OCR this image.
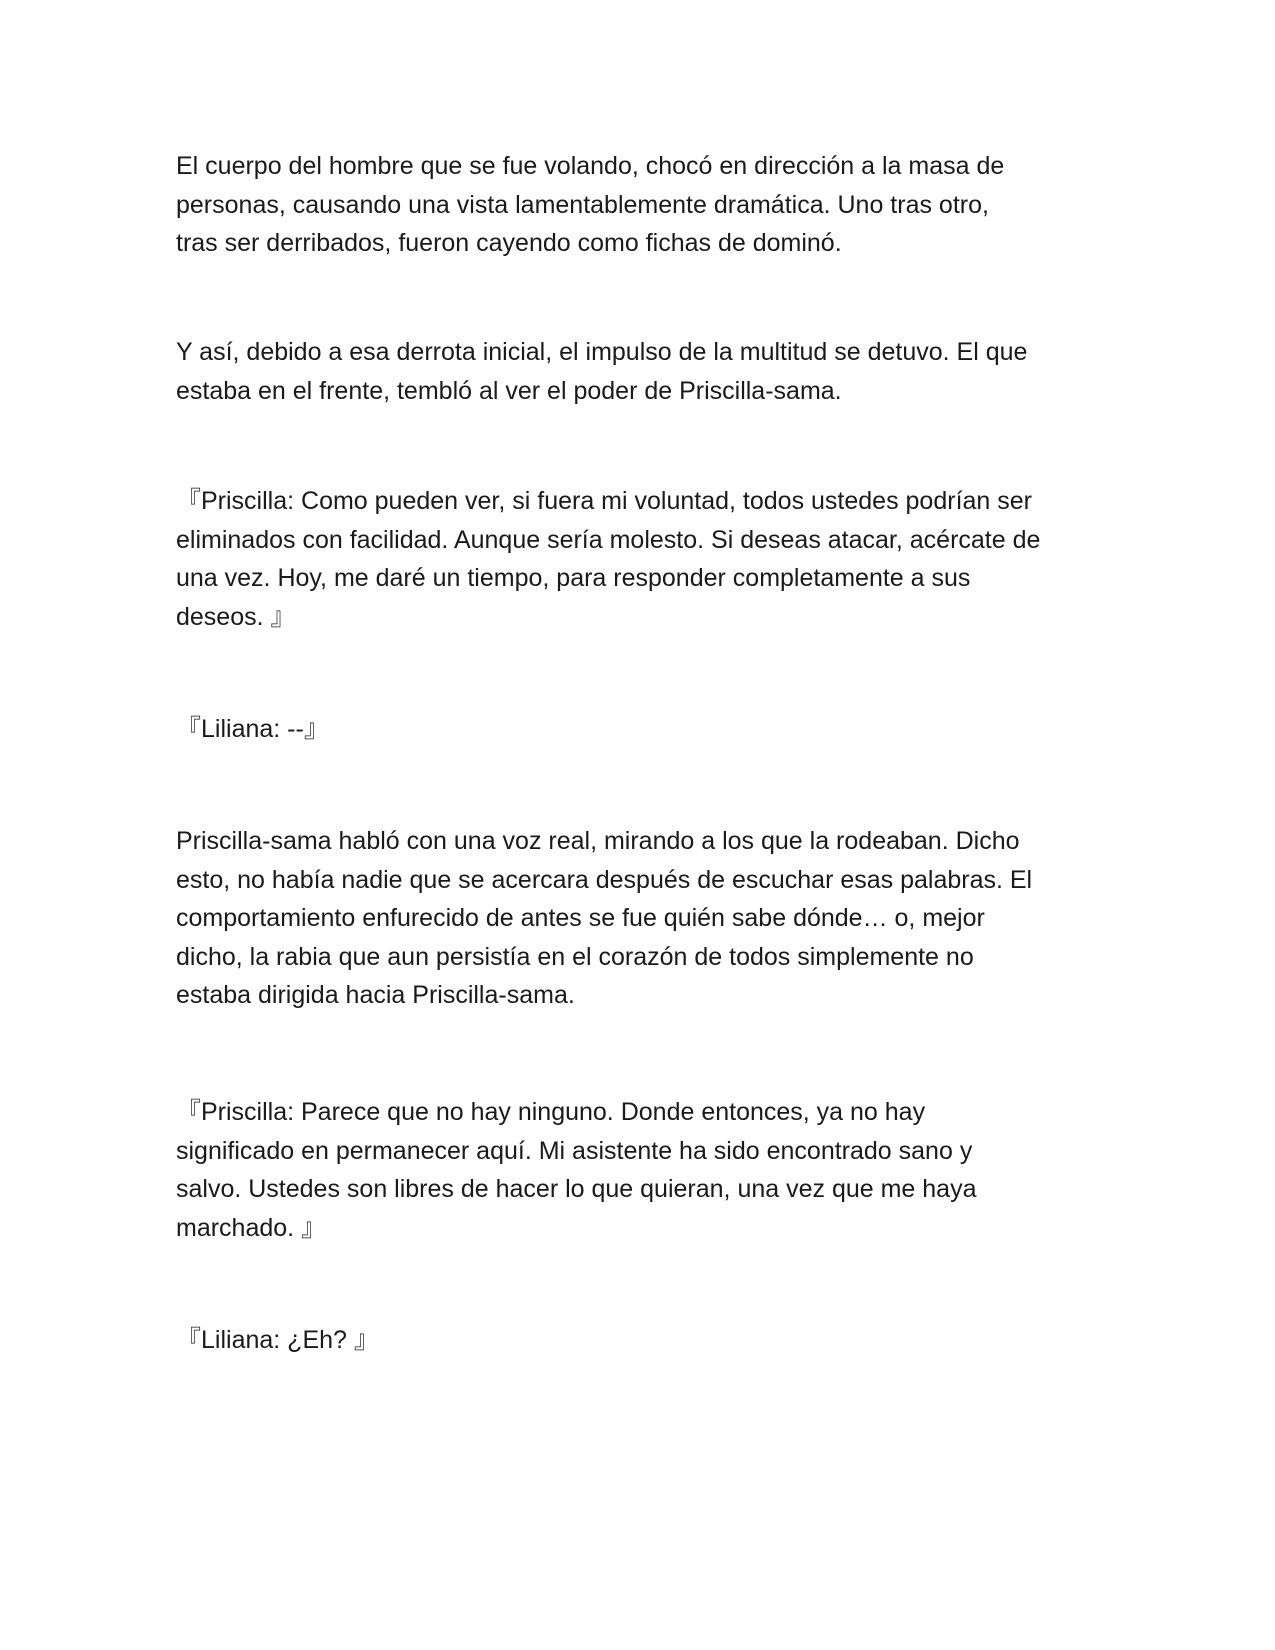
El cuerpo del hombre que se fue volando, chocó en dirección a la masa de
personas, causando una vista lamentablemente dramática. Uno tras otro,
tras ser derribados, fueron cayendo como fichas de dominó.

Y así, debido a esa derrota inicial, el impulso de la multitud se detuvo. El que
estaba en el frente, tembló al ver el poder de Priscilla-sama.

『Priscilla: Como pueden ver, si fuera mi voluntad, todos ustedes podrían ser
eliminados con facilidad. Aunque sería molesto. Si deseas atacar, acércate de
una vez. Hoy, me daré un tiempo, para responder completamente a sus
deseos. 』

『Liliana: --』

Priscilla-sama habló con una voz real, mirando a los que la rodeaban. Dicho
esto, no había nadie que se acercara después de escuchar esas palabras. El
comportamiento enfurecido de antes se fue quién sabe dónde… o, mejor
dicho, la rabia que aun persistía en el corazón de todos simplemente no
estaba dirigida hacia Priscilla-sama.

『Priscilla: Parece que no hay ninguno. Donde entonces, ya no hay
significado en permanecer aquí. Mi asistente ha sido encontrado sano y
salvo. Ustedes son libres de hacer lo que quieran, una vez que me haya
marchado. 』

『Liliana: ¿Eh? 』
